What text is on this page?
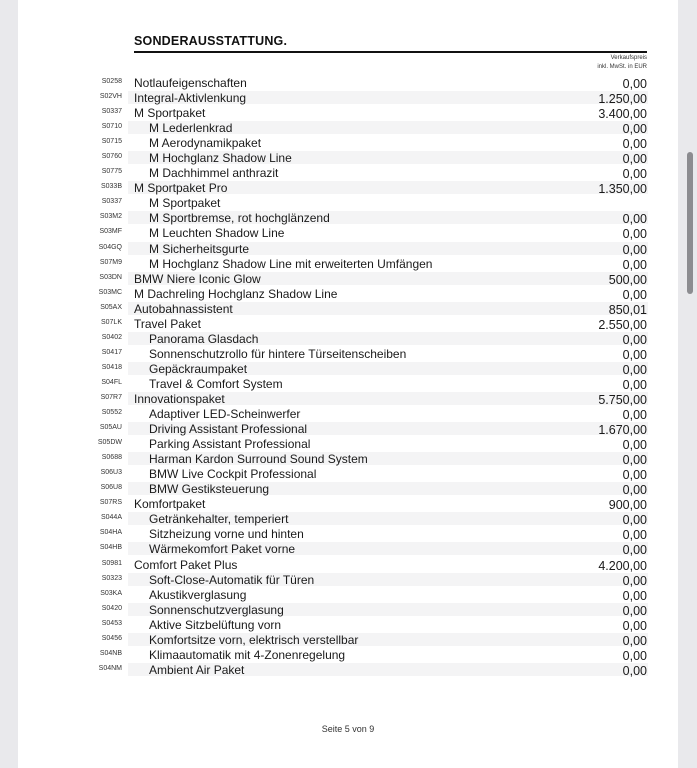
SONDERAUSSTATTUNG.
Verkaufspreis
inkl. MwSt. in EUR
S0258 Notlaufeigenschaften	0,00
S02VH Integral-Aktivlenkung	1.250,00
S0337 M Sportpaket	3.400,00
S0710 M Lederlenkrad	0,00
S0715 M Aerodynamikpaket	0,00
S0760 M Hochglanz Shadow Line	0,00
S0775 M Dachhimmel anthrazit	0,00
S033B M Sportpaket Pro	1.350,00
S0337 M Sportpaket
S03M2 M Sportbremse, rot hochglänzend	0,00
S03MF M Leuchten Shadow Line	0,00
S04GQ M Sicherheitsgurte	0,00
S07M9 M Hochglanz Shadow Line mit erweiterten Umfängen	0,00
S03DN BMW Niere Iconic Glow	500,00
S03MC M Dachreling Hochglanz Shadow Line	0,00
S05AX Autobahnassistent	850,01
S07LK Travel Paket	2.550,00
S0402 Panorama Glasdach	0,00
S0417 Sonnenschutzrollo für hintere Türseitenscheiben	0,00
S0418 Gepäckraumpaket	0,00
S04FL Travel & Comfort System	0,00
S07R7 Innovationspaket	5.750,00
S0552 Adaptiver LED-Scheinwerfer	0,00
S05AU Driving Assistant Professional	1.670,00
S05DW Parking Assistant Professional	0,00
S0688 Harman Kardon Surround Sound System	0,00
S06U3 BMW Live Cockpit Professional	0,00
S06U8 BMW Gestiksteuerung	0,00
S07RS Komfortpaket	900,00
S044A Getränkehalter, temperiert	0,00
S04HA Sitzheizung vorne und hinten	0,00
S04HB Wärmekomfort Paket vorne	0,00
S0981 Comfort Paket Plus	4.200,00
S0323 Soft-Close-Automatik für Türen	0,00
S03KA Akustikverglasung	0,00
S0420 Sonnenschutzverglasung	0,00
S0453 Aktive Sitzbelüftung vorn	0,00
S0456 Komfortsitze vorn, elektrisch verstellbar	0,00
S04NB Klimaautomatik mit 4-Zonenregelung	0,00
S04NM Ambient Air Paket	0,00
Seite 5 von 9
